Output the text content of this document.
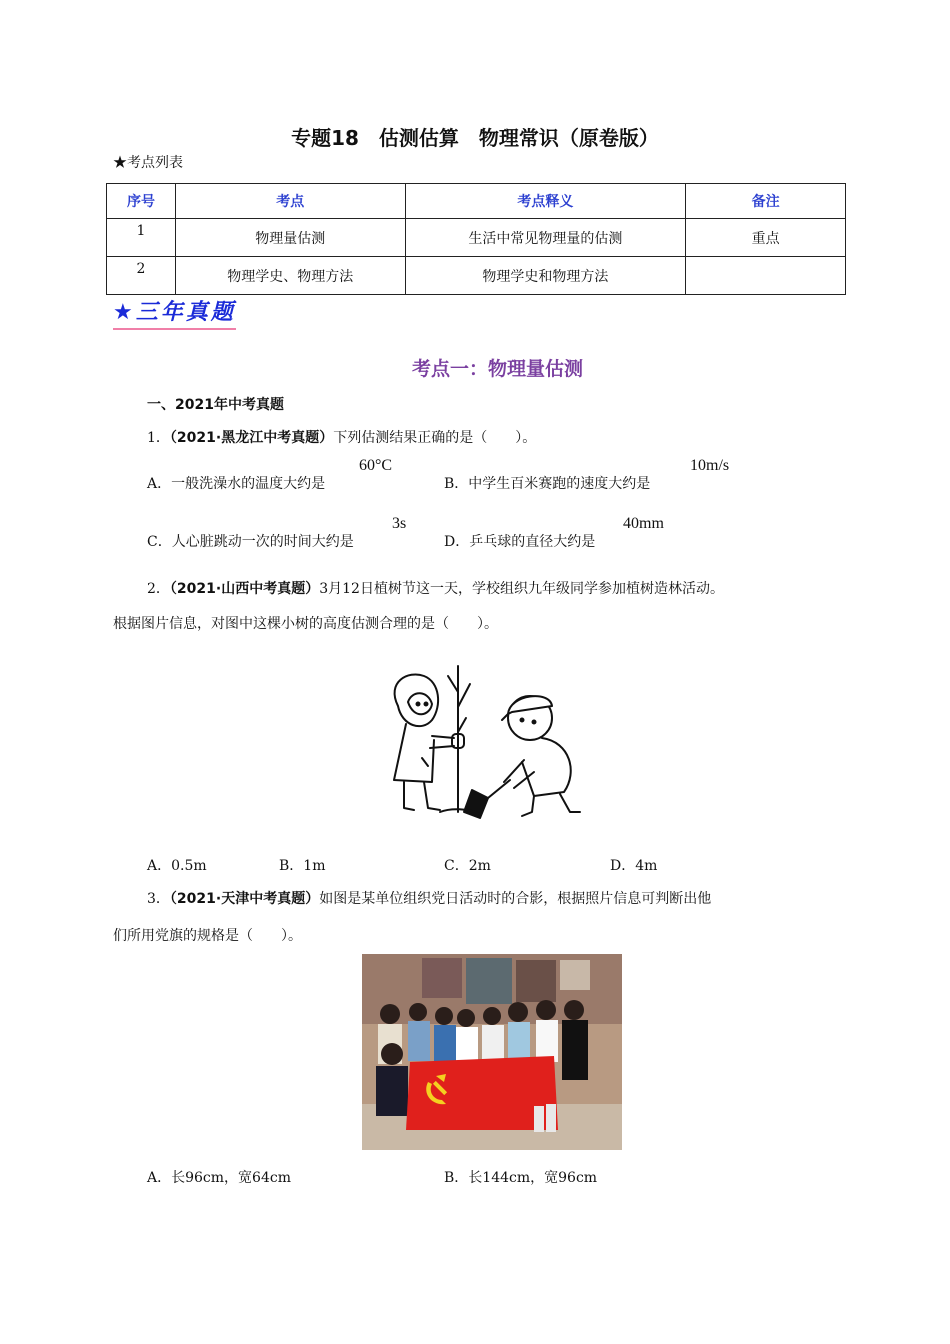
专题18　估测估算　物理常识（原卷版）
★考点列表
序号	考点	考点释义	备注
1	物理量估测	生活中常见物理量的估测	重点
2	物理学史、物理方法	物理学史和物理方法	
★三年真题
考点一：物理量估测
一、2021年中考真题
1．（2021·黑龙江中考真题）下列估测结果正确的是（　　）。
A．一般洗澡水的温度大约是
60°C
B．中学生百米赛跑的速度大约是
10m/s
C．人心脏跳动一次的时间大约是
3s
D．乒乓球的直径大约是
40mm
2．（2021·山西中考真题）3月12日植树节这一天，学校组织九年级同学参加植树造林活动。
根据图片信息，对图中这棵小树的高度估测合理的是（　　）。
A．0.5m	B．1m	C．2m	D．4m
3．（2021·天津中考真题）如图是某单位组织党日活动时的合影，根据照片信息可判断出他
们所用党旗的规格是（　　）。
A．长96cm，宽64cm	B．长144cm，宽96cm
